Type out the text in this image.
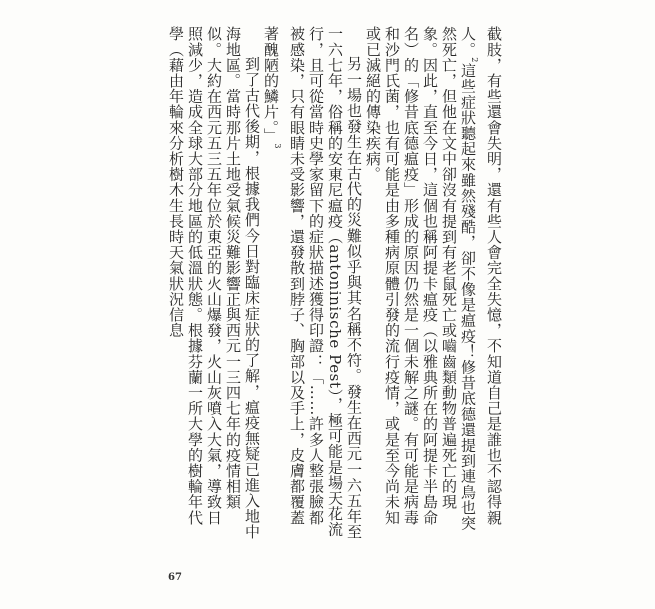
截肢，有些還會失明，還有些人會完全失憶，不知道自己是誰也不認得親人。$^2$這些症狀聽起來雖然殘酷，卻不像是瘟疫！修昔底德還提到連鳥也突然死亡，但他在文中卻沒有提到有老鼠死亡或嚙齒類動物普遍死亡的現象。因此，直至今日，這個也稱阿提卡瘟疫（以雅典所在的阿提卡半島命名）的「修昔底德瘟疫」形成的原因仍然是一個未解之謎。有可能是病毒和沙門氏菌，也有可能是由多種病原體引發的流行疫情，或是至今尚未知或已滅絕的傳染疾病。

另一場也發生在古代的災難似乎與其名稱不符。發生在西元一六五年至一六七年，俗稱的安東尼瘟疫（antoninische Pest），極可能是場天花流行，且可從當時史學家留下的症狀描述獲得印證：「……許多人整張臉都被感染，只有眼睛未受影響，還發散到脖子、胸部以及手上，皮膚都覆蓋著醜陋的鱗片。」$^3$

到了古代後期，根據我們今日對臨床症狀的了解，瘟疫無疑已進入地中海地區。當時那片土地受氣候災難影響正與西元一三四七年的疫情相類似。大約在西元五三五年位於東亞的火山爆發，火山灰噴入大氣，導致日照減少，造成全球大部分地區的低溫狀態。根據芬蘭一所大學的樹輪年代學（藉由年輪來分析樹木生長時天氣狀況信息

67
